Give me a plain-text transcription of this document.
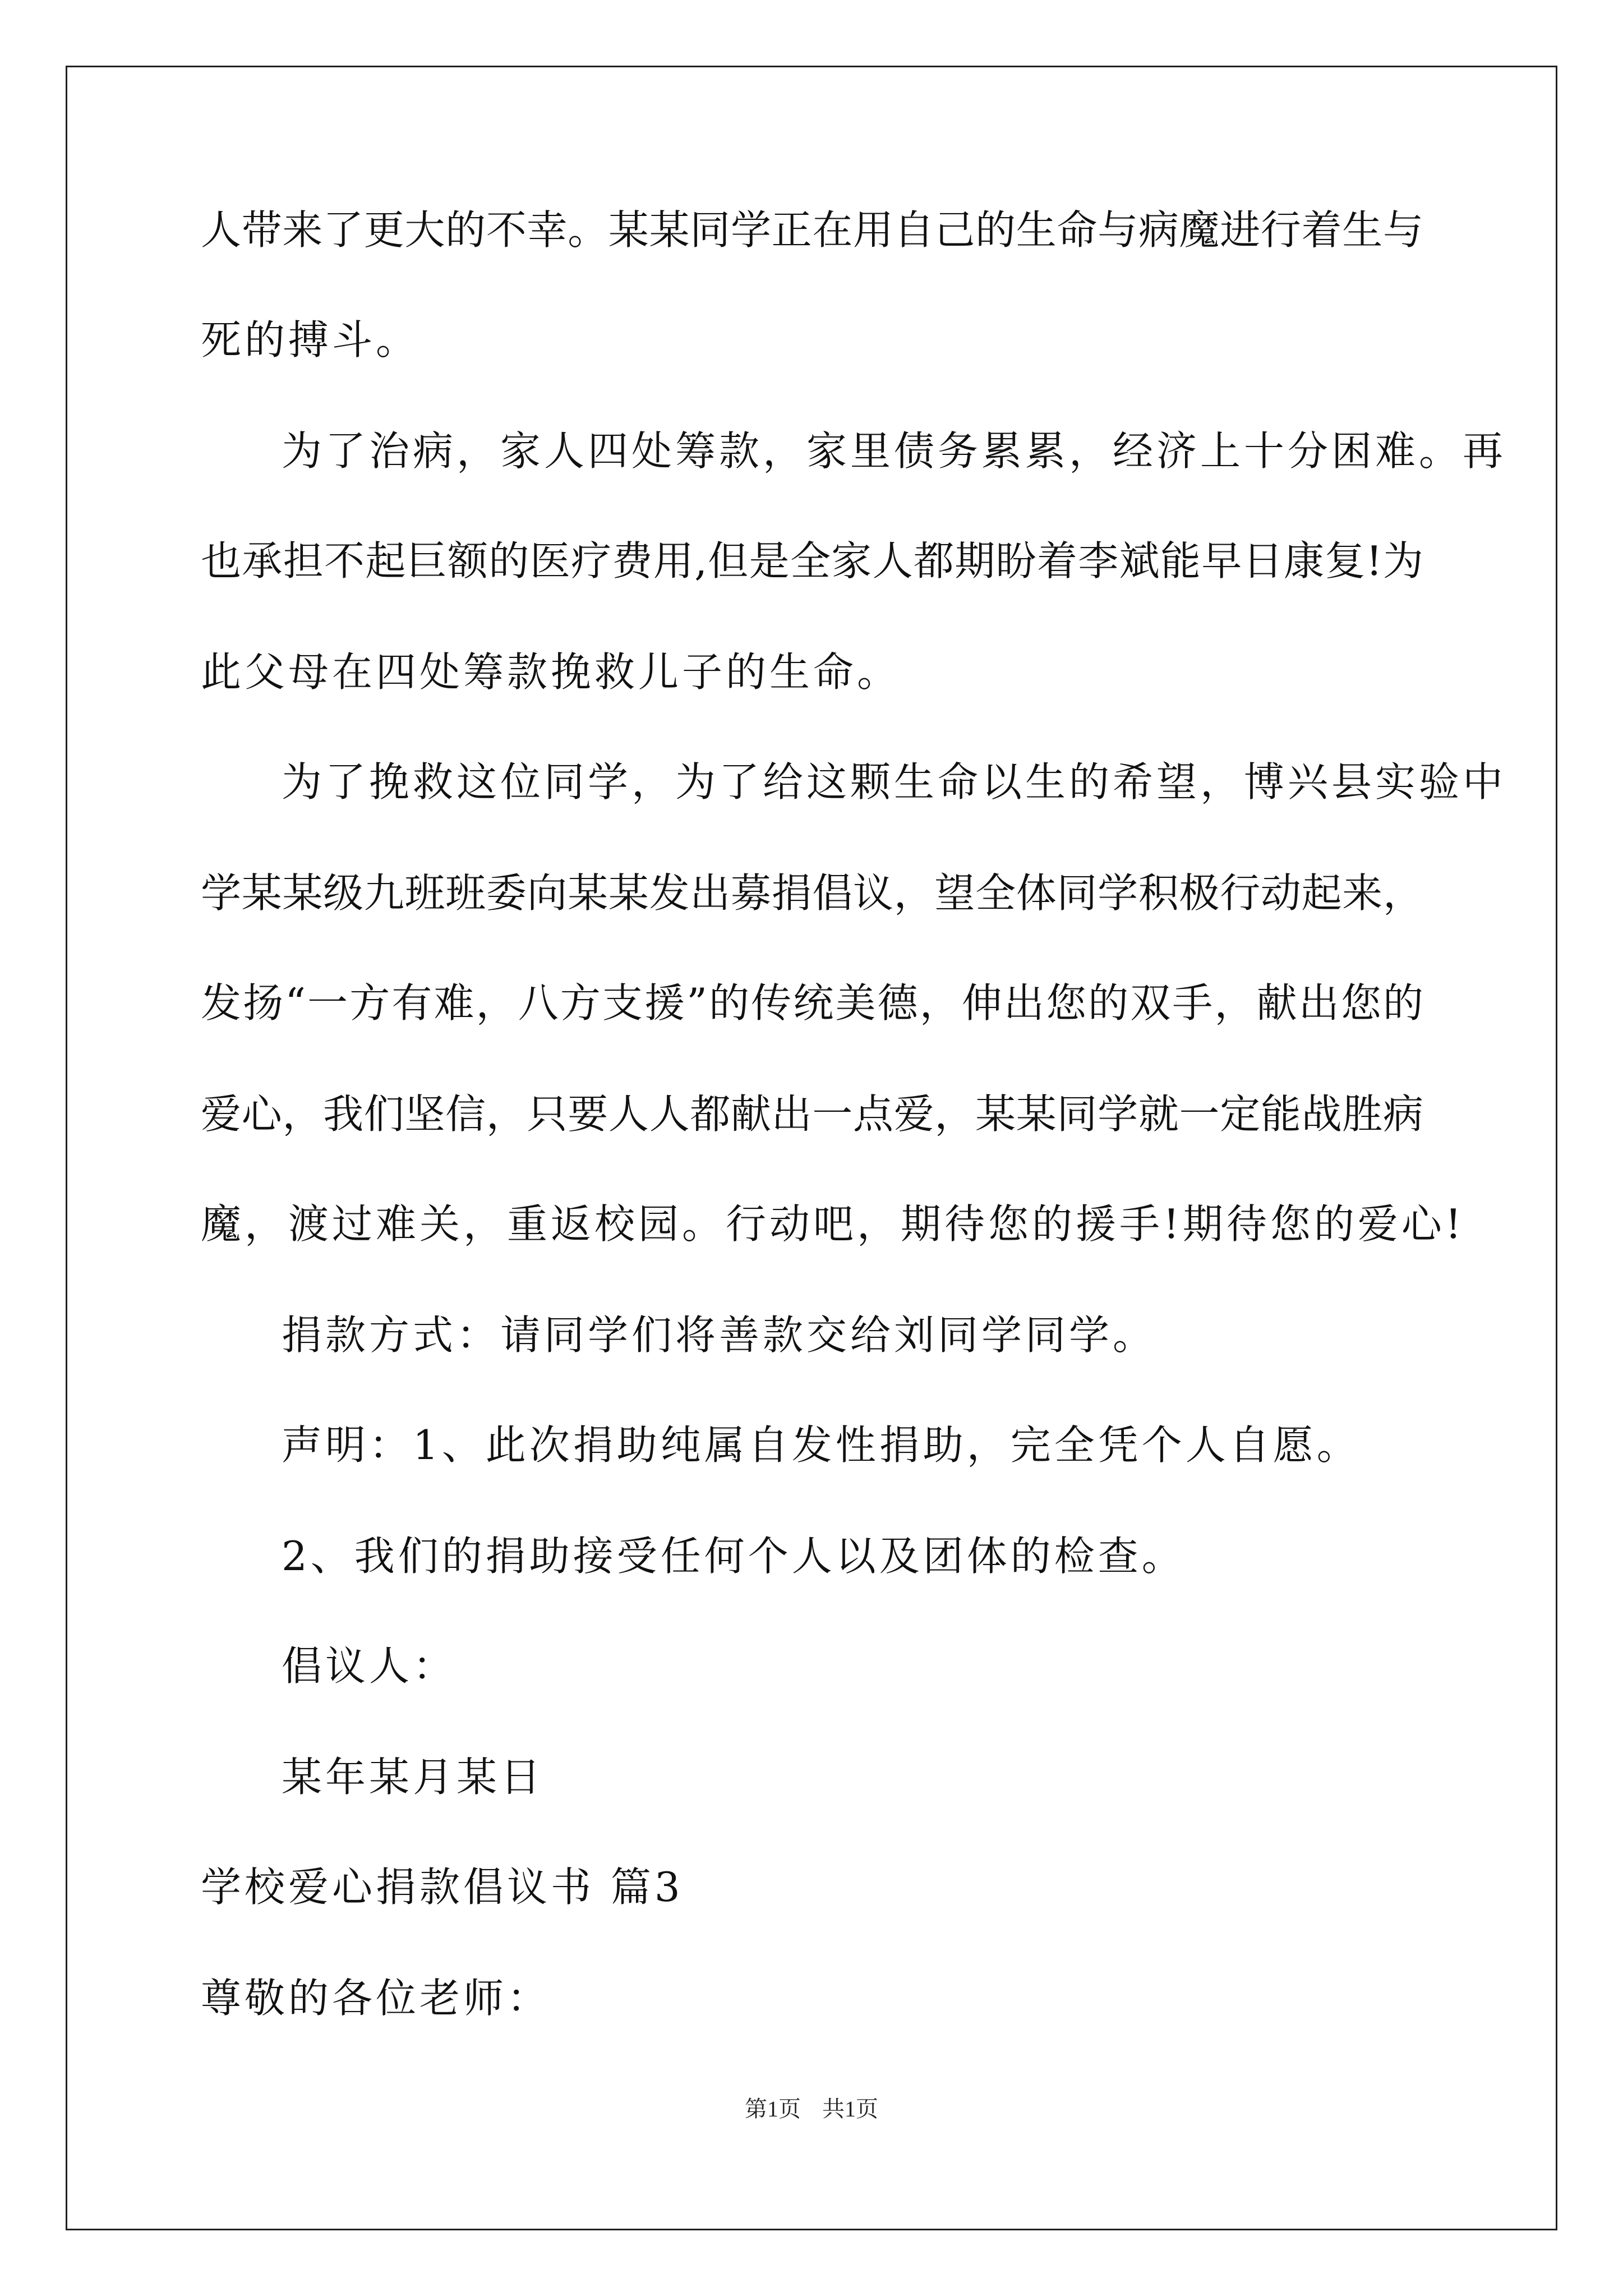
人带来了更大的不幸。某某同学正在用自己的生命与病魔进行着生与
死的搏斗。
为了治病，家人四处筹款，家里债务累累，经济上十分困难。再
也承担不起巨额的医疗费用,但是全家人都期盼着李斌能早日康复!为
此父母在四处筹款挽救儿子的生命。
为了挽救这位同学，为了给这颗生命以生的希望，博兴县实验中
学某某级九班班委向某某发出募捐倡议，望全体同学积极行动起来，
发扬“一方有难，八方支援”的传统美德，伸出您的双手，献出您的
爱心，我们坚信，只要人人都献出一点爱，某某同学就一定能战胜病
魔，渡过难关，重返校园。行动吧，期待您的援手!期待您的爱心!
捐款方式：请同学们将善款交给刘同学同学。
声明：1、此次捐助纯属自发性捐助，完全凭个人自愿。
2、我们的捐助接受任何个人以及团体的检查。
倡议人：
某年某月某日
学校爱心捐款倡议书 篇3
尊敬的各位老师：
第1页 共1页
